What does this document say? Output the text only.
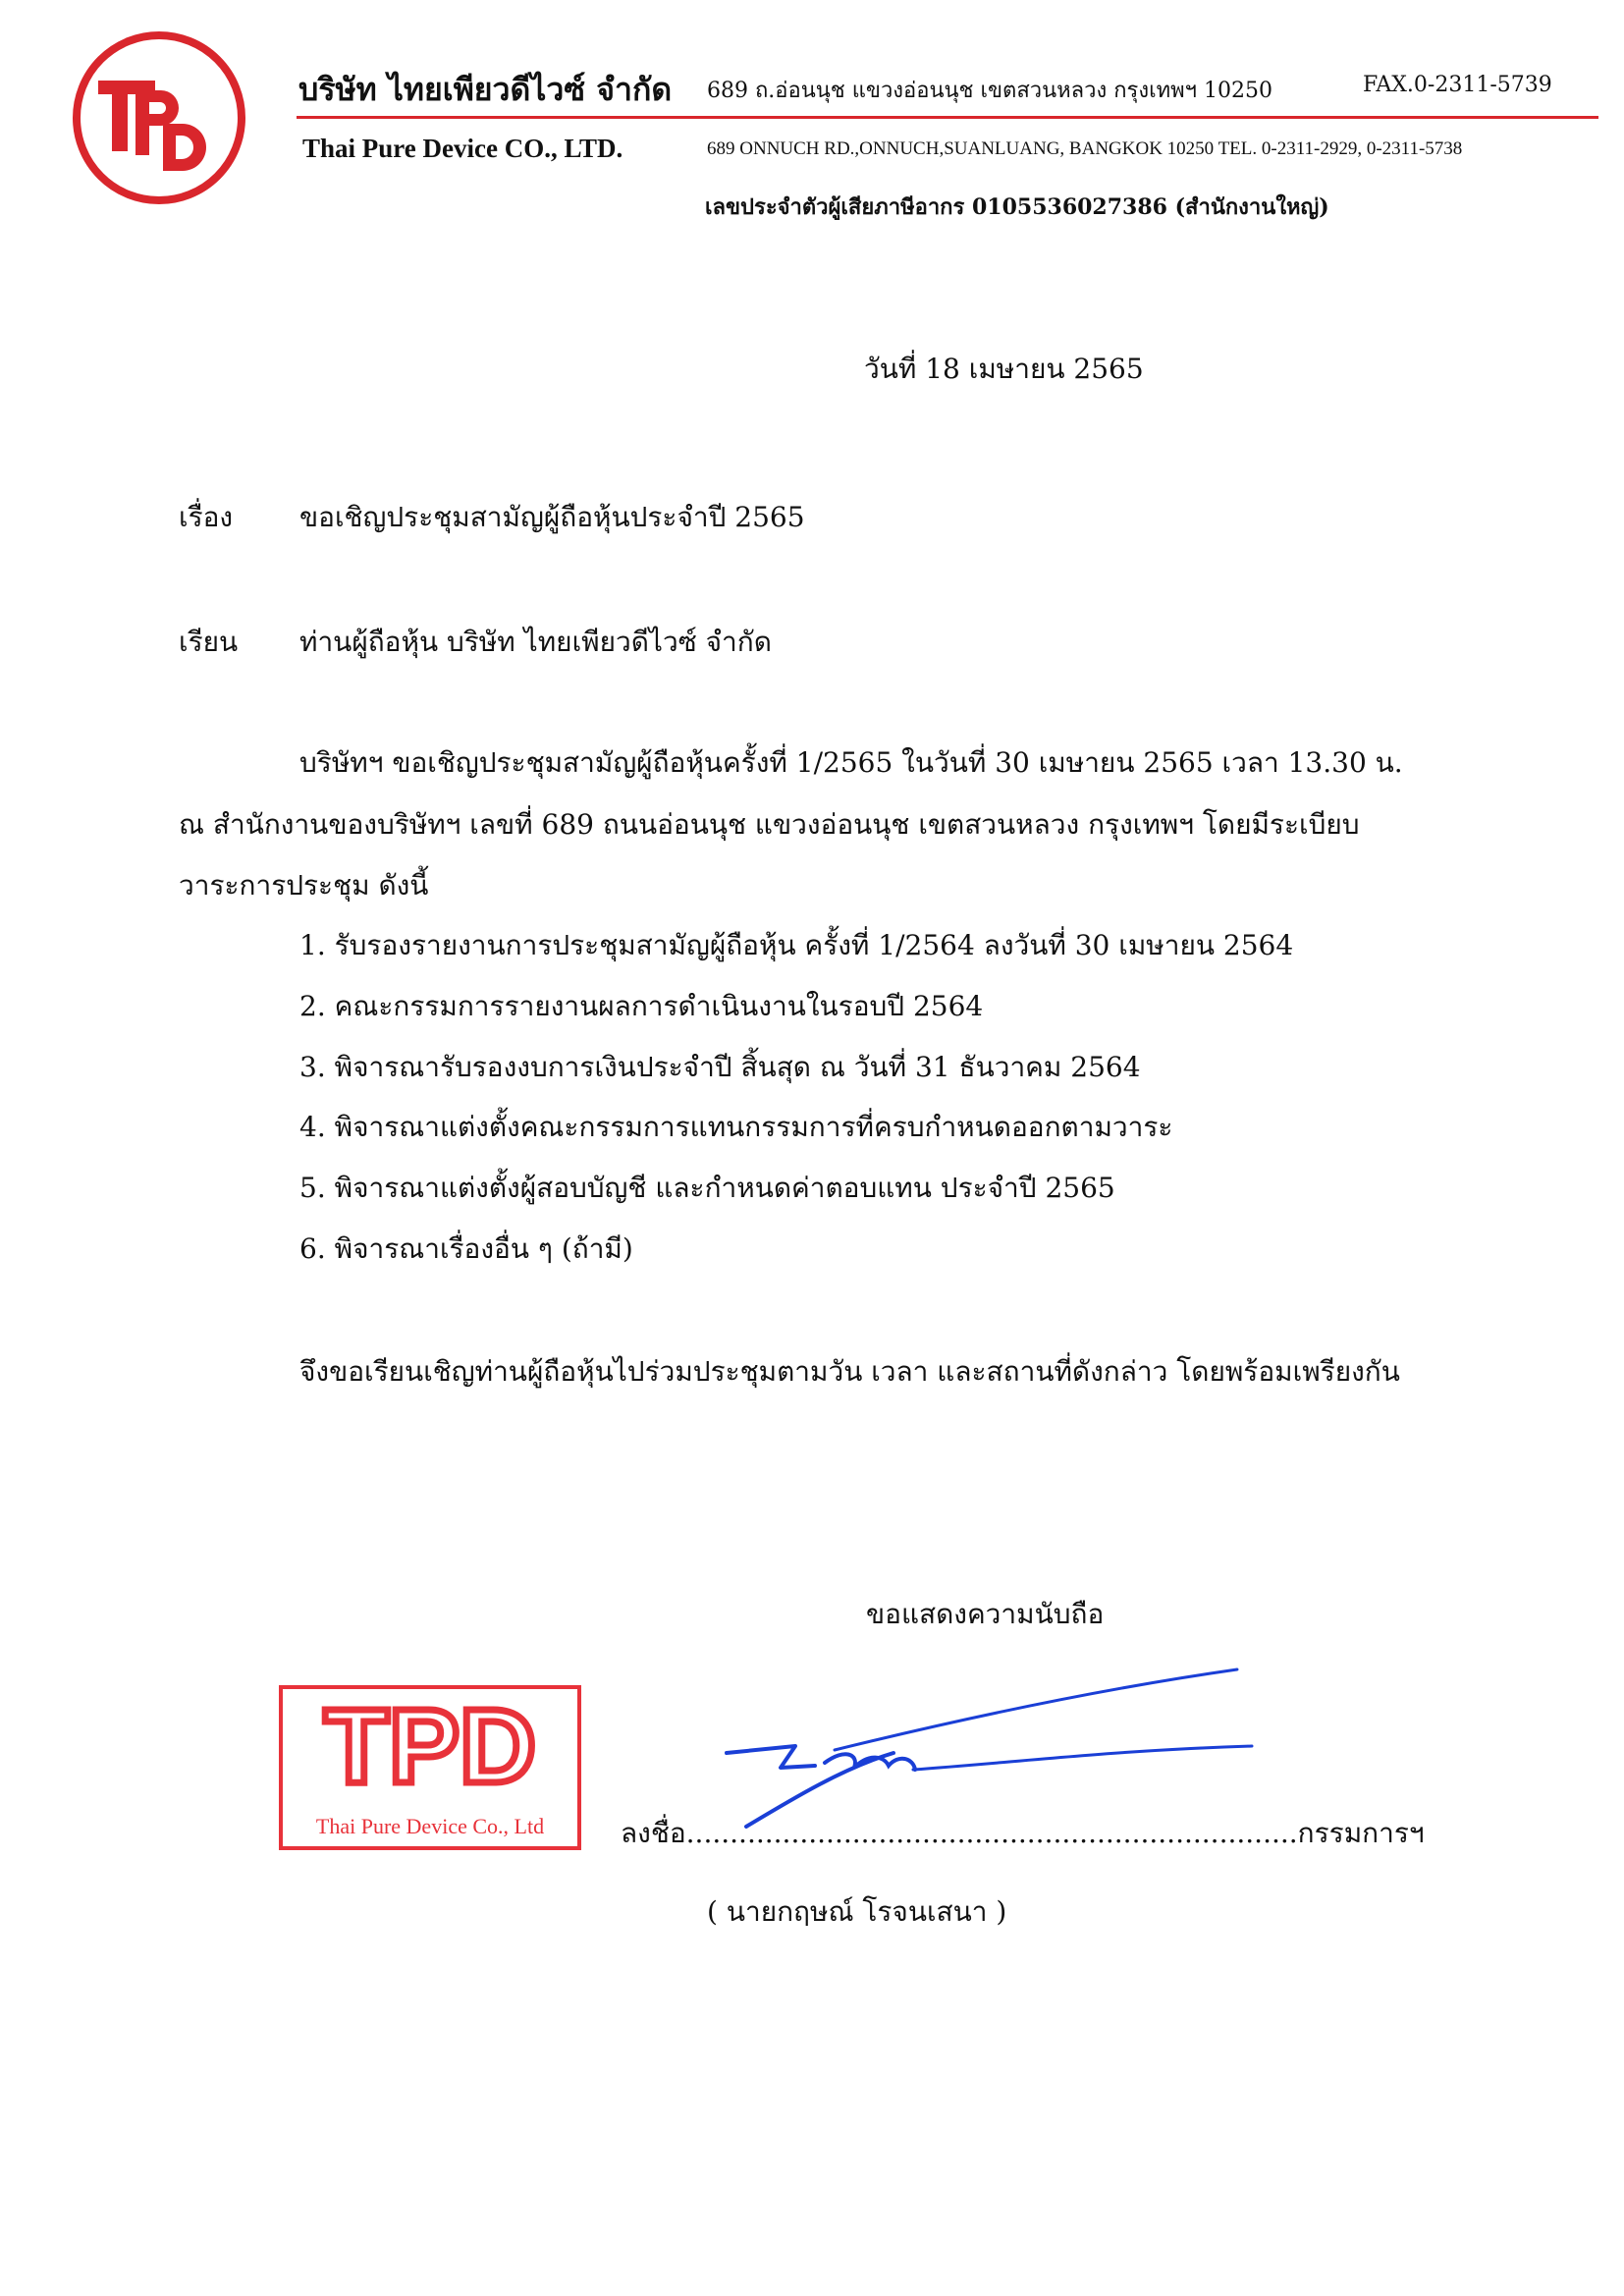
บริษัท ไทยเพียวดีไวซ์ จำกัด 689 ถ.อ่อนนุช แขวงอ่อนนุช เขตสวนหลวง กรุงเทพฯ 10250	FAX.0-2311-5739
Thai Pure Device CO., LTD.	689 ONNUCH RD.,ONNUCH,SUANLUANG, BANGKOK 10250 TEL. 0-2311-2929, 0-2311-5738
เลขประจำตัวผู้เสียภาษีอากร 0105536027386 (สำนักงานใหญ่)
วันที่ 18 เมษายน 2565
เรื่อง ขอเชิญประชุมสามัญผู้ถือหุ้นประจำปี 2565
เรียน ท่านผู้ถือหุ้น บริษัท ไทยเพียวดีไวซ์ จำกัด
บริษัทฯ ขอเชิญประชุมสามัญผู้ถือหุ้นครั้งที่ 1/2565 ในวันที่ 30 เมษายน 2565 เวลา 13.30 น.
ณ สำนักงานของบริษัทฯ เลขที่ 689 ถนนอ่อนนุช แขวงอ่อนนุช เขตสวนหลวง กรุงเทพฯ โดยมีระเบียบ
วาระการประชุม ดังนี้
1. รับรองรายงานการประชุมสามัญผู้ถือหุ้น ครั้งที่ 1/2564 ลงวันที่ 30 เมษายน 2564
2. คณะกรรมการรายงานผลการดำเนินงานในรอบปี 2564
3. พิจารณารับรองงบการเงินประจำปี สิ้นสุด ณ วันที่ 31 ธันวาคม 2564
4. พิจารณาแต่งตั้งคณะกรรมการแทนกรรมการที่ครบกำหนดออกตามวาระ
5. พิจารณาแต่งตั้งผู้สอบบัญชี และกำหนดค่าตอบแทน ประจำปี 2565
6. พิจารณาเรื่องอื่น ๆ (ถ้ามี)
จึงขอเรียนเชิญท่านผู้ถือหุ้นไปร่วมประชุมตามวัน เวลา และสถานที่ดังกล่าว โดยพร้อมเพรียงกัน
ขอแสดงความนับถือ
TPD
Thai Pure Device Co., Ltd	ลงชื่อ......................................................................กรรมการฯ
( นายกฤษณ์ โรจนเสนา )
